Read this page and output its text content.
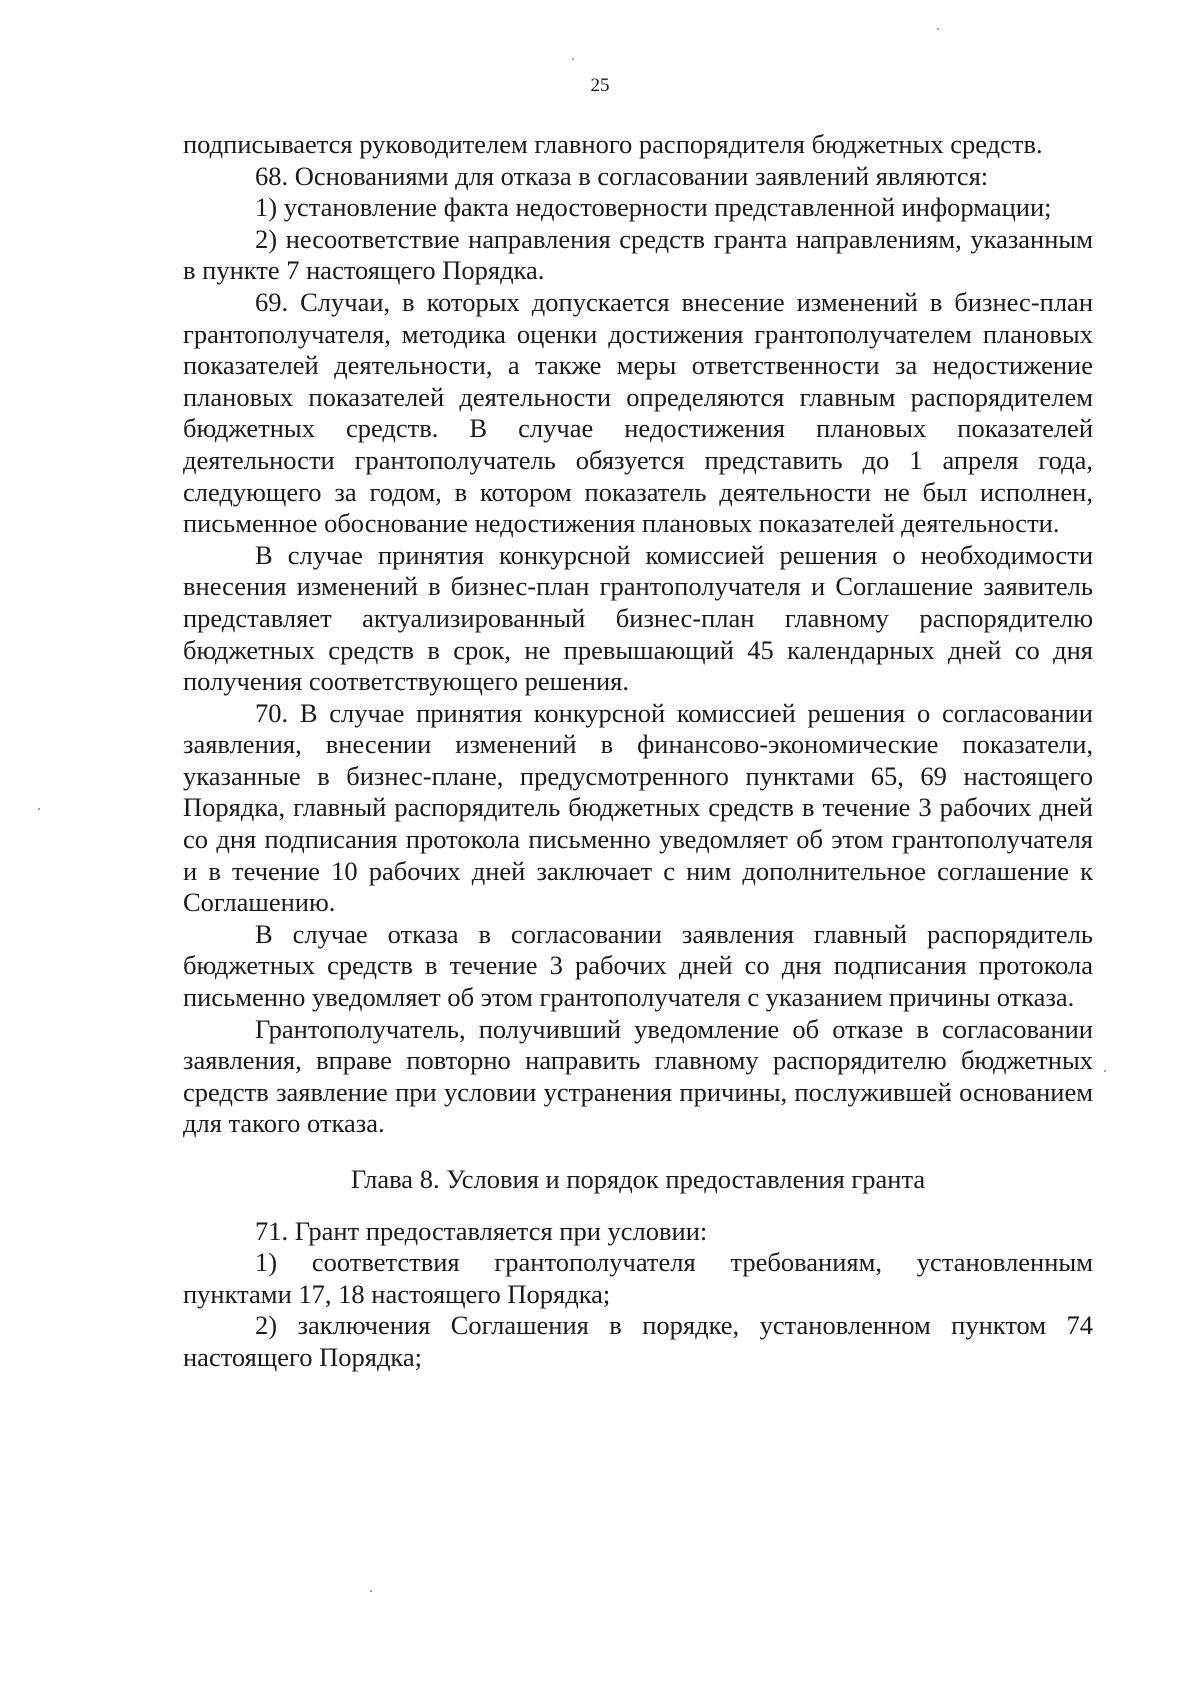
25

подписывается руководителем главного распорядителя бюджетных средств.

68. Основаниями для отказа в согласовании заявлений являются:

1) установление факта недостоверности представленной информации;

2) несоответствие направления средств гранта направлениям, указанным в пункте 7 настоящего Порядка.

69. Случаи, в которых допускается внесение изменений в бизнес-план грантополучателя, методика оценки достижения грантополучателем плановых показателей деятельности, а также меры ответственности за недостижение плановых показателей деятельности определяются главным распорядителем бюджетных средств. В случае недостижения плановых показателей деятельности грантополучатель обязуется представить до 1 апреля года, следующего за годом, в котором показатель деятельности не был исполнен, письменное обоснование недостижения плановых показателей деятельности.

В случае принятия конкурсной комиссией решения о необходимости внесения изменений в бизнес-план грантополучателя и Соглашение заявитель представляет актуализированный бизнес-план главному распорядителю бюджетных средств в срок, не превышающий 45 календарных дней со дня получения соответствующего решения.

70. В случае принятия конкурсной комиссией решения о согласовании заявления, внесении изменений в финансово-экономические показатели, указанные в бизнес-плане, предусмотренного пунктами 65, 69 настоящего Порядка, главный распорядитель бюджетных средств в течение 3 рабочих дней со дня подписания протокола письменно уведомляет об этом грантополучателя и в течение 10 рабочих дней заключает с ним дополнительное соглашение к Соглашению.

В случае отказа в согласовании заявления главный распорядитель бюджетных средств в течение 3 рабочих дней со дня подписания протокола письменно уведомляет об этом грантополучателя с указанием причины отказа.

Грантополучатель, получивший уведомление об отказе в согласовании заявления, вправе повторно направить главному распорядителю бюджетных средств заявление при условии устранения причины, послужившей основанием для такого отказа.

Глава 8. Условия и порядок предоставления гранта

71. Грант предоставляется при условии:

1) соответствия грантополучателя требованиям, установленным пунктами 17, 18 настоящего Порядка;

2) заключения Соглашения в порядке, установленном пунктом 74 настоящего Порядка;
